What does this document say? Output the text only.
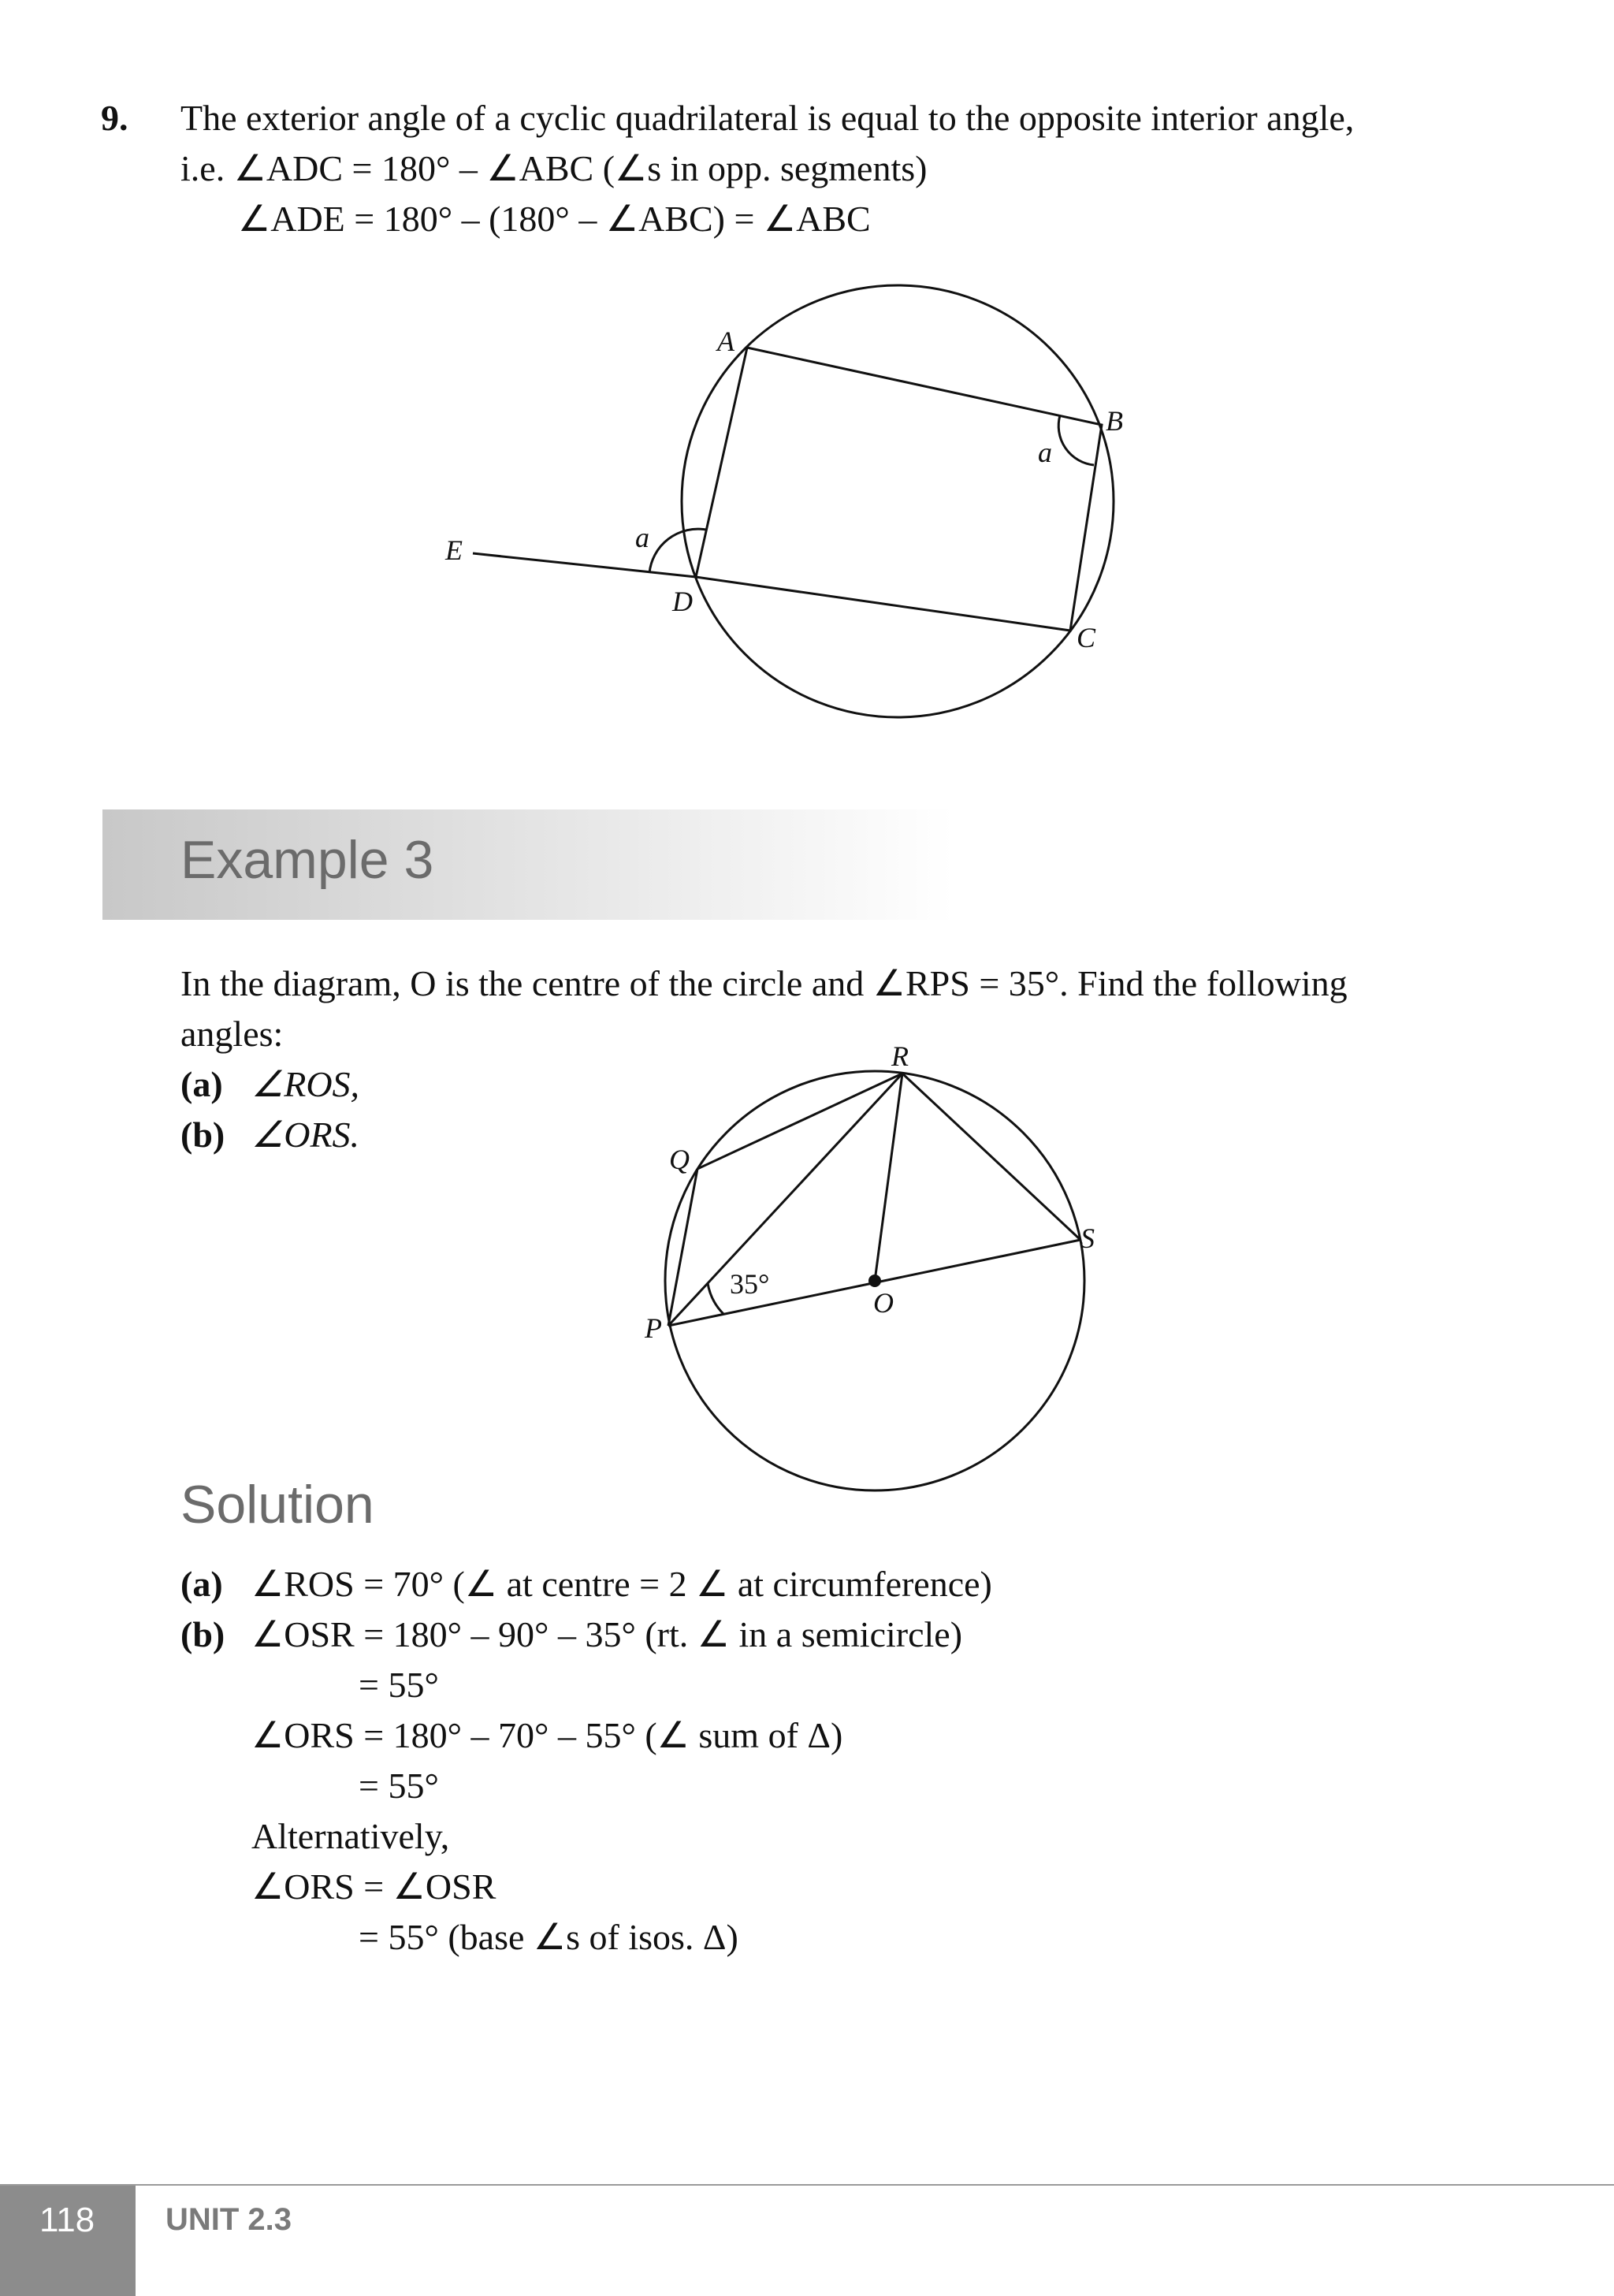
9. The exterior angle of a cyclic quadrilateral is equal to the opposite interior angle,
i.e. ∠ADC = 180° – ∠ABC (∠s in opp. segments)
∠ADE = 180° – (180° – ∠ABC) = ∠ABC
A
B
C
D
E
a
a
Example 3
In the diagram, O is the centre of the circle and ∠RPS = 35°. Find the following
angles:
(a) ∠ROS,
(b) ∠ORS.
R
Q
S
P
O
35°
Solution
(a) ∠ROS = 70° (∠ at centre = 2 ∠ at circumference)
(b) ∠OSR = 180° – 90° – 35° (rt. ∠ in a semicircle)
= 55°
∠ORS = 180° – 70° – 55° (∠ sum of Δ)
= 55°
Alternatively,
∠ORS = ∠OSR
= 55° (base ∠s of isos. Δ)
118 UNIT 2.3
